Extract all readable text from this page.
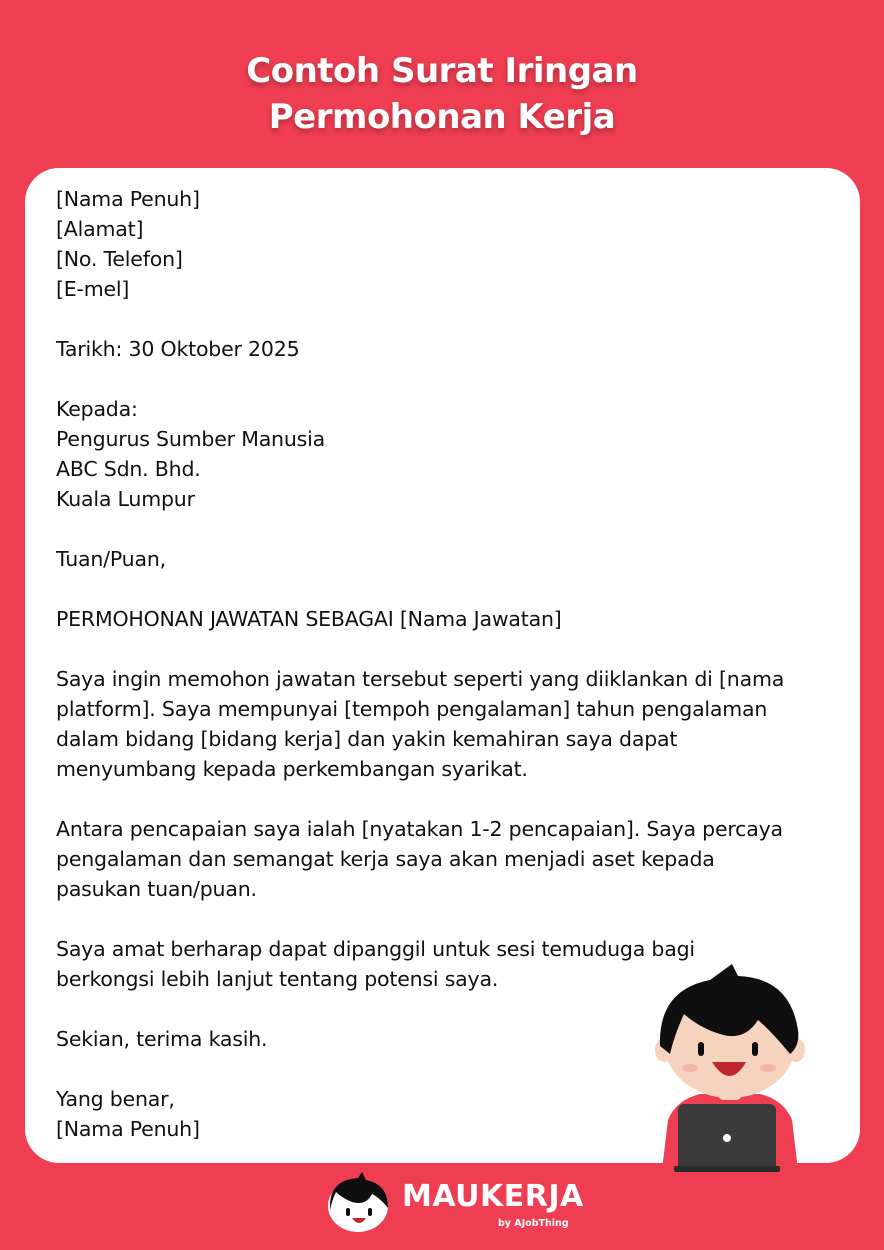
Contoh Surat Iringan
Permohonan Kerja
[Nama Penuh]
[Alamat]
[No. Telefon]
[E-mel]
Tarikh: 30 Oktober 2025
Kepada:
Pengurus Sumber Manusia
ABC Sdn. Bhd.
Kuala Lumpur
Tuan/Puan,
PERMOHONAN JAWATAN SEBAGAI [Nama Jawatan]
Saya ingin memohon jawatan tersebut seperti yang diiklankan di [nama
platform]. Saya mempunyai [tempoh pengalaman] tahun pengalaman
dalam bidang [bidang kerja] dan yakin kemahiran saya dapat
menyumbang kepada perkembangan syarikat.
Antara pencapaian saya ialah [nyatakan 1-2 pencapaian]. Saya percaya
pengalaman dan semangat kerja saya akan menjadi aset kepada
pasukan tuan/puan.
Saya amat berharap dapat dipanggil untuk sesi temuduga bagi
berkongsi lebih lanjut tentang potensi saya.
Sekian, terima kasih.
Yang benar,
[Nama Penuh]
MAUKERJA
by AJobThing
